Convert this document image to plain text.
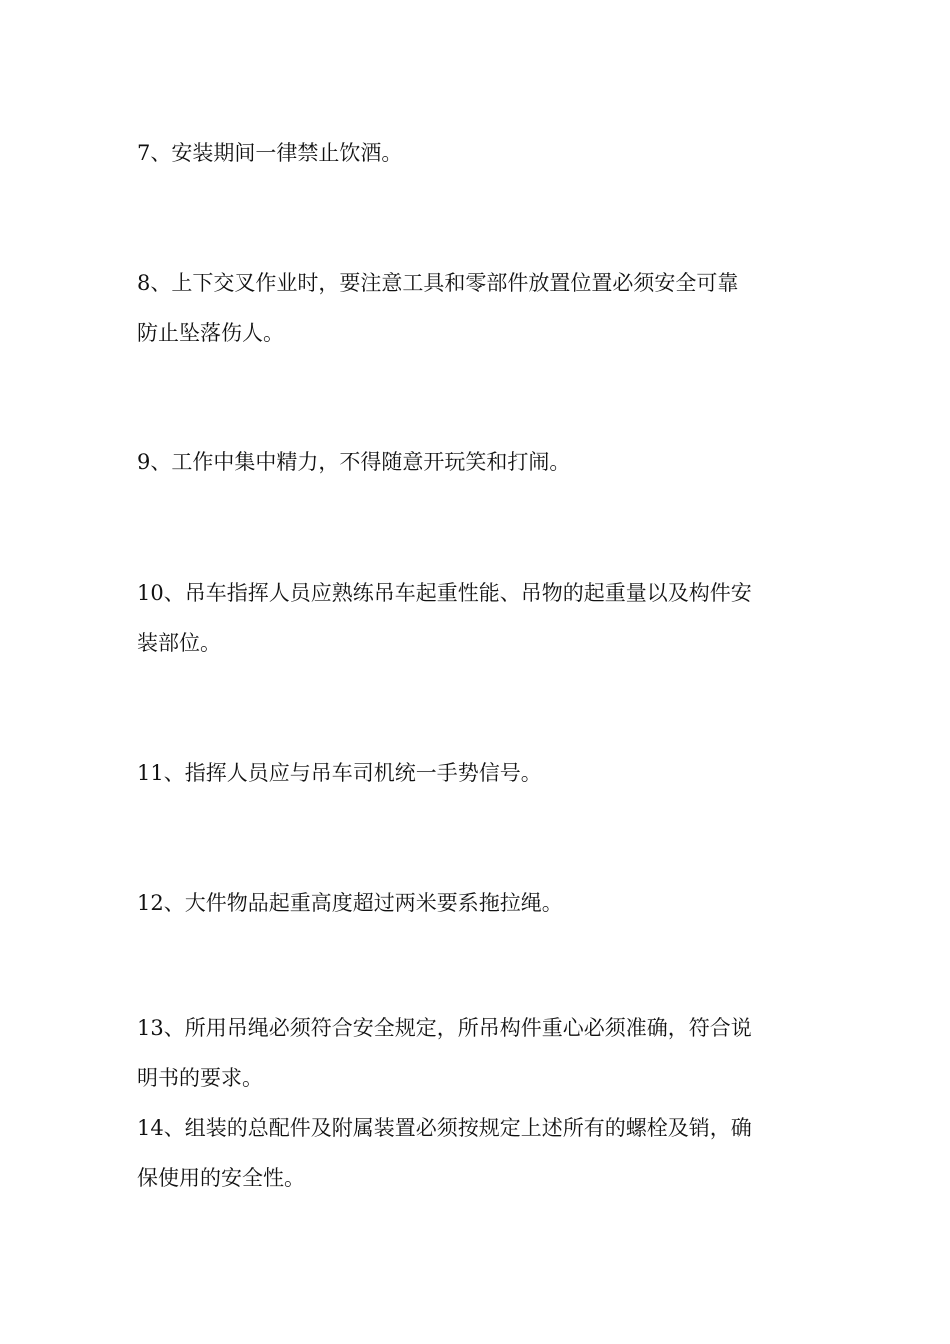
7、安装期间一律禁止饮酒。

8、上下交叉作业时，要注意工具和零部件放置位置必须安全可靠
防止坠落伤人。

9、工作中集中精力，不得随意开玩笑和打闹。

10、吊车指挥人员应熟练吊车起重性能、吊物的起重量以及构件安
装部位。

11、指挥人员应与吊车司机统一手势信号。

12、大件物品起重高度超过两米要系拖拉绳。

13、所用吊绳必须符合安全规定，所吊构件重心必须准确，符合说
明书的要求。

14、组装的总配件及附属装置必须按规定上述所有的螺栓及销，确
保使用的安全性。
